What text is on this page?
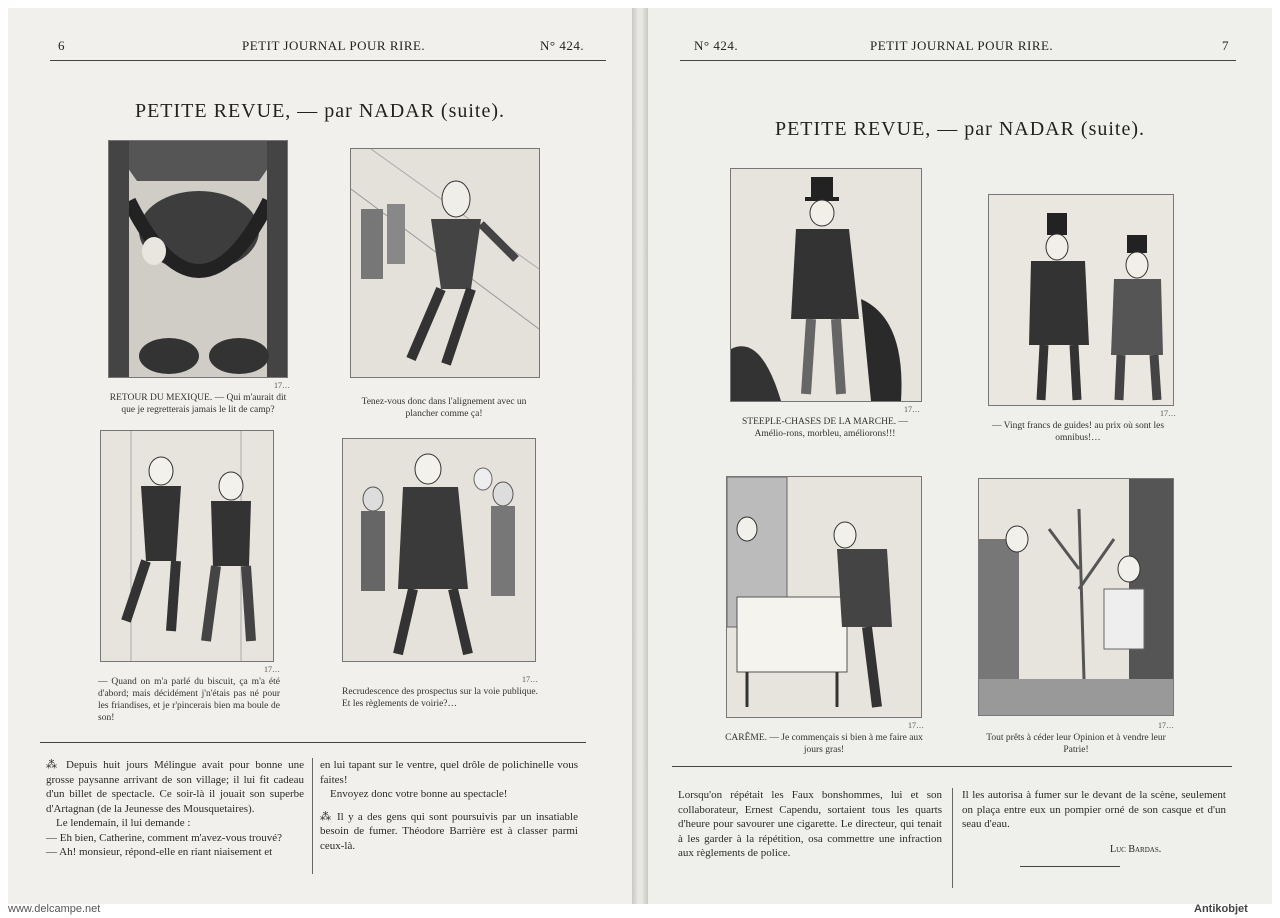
6	PETIT JOURNAL POUR RIRE.	N° 424.
PETITE REVUE, — par NADAR (suite).
17…
RETOUR DU MEXIQUE. — Qui m'aurait dit que je regretterais jamais le lit de camp?
Tenez-vous donc dans l'alignement avec un plancher comme ça!
17…
— Quand on m'a parlé du biscuit, ça m'a été d'abord; mais décidément j'n'étais pas né pour les friandises, et je r'pincerais bien ma boule de son!
17…
Recrudescence des prospectus sur la voie publique. Et les règlements de voirie?…

⁂ Depuis huit jours Mélingue avait pour bonne une grosse paysanne arrivant de son village; il lui fit cadeau d'un billet de spectacle. Ce soir-là il jouait son superbe d'Artagnan (de la Jeunesse des Mousquetaires).

Le lendemain, il lui demande :

— Eh bien, Catherine, comment m'avez-vous trouvé?

— Ah! monsieur, répond-elle en riant niaisement et

en lui tapant sur le ventre, quel drôle de polichinelle vous faites!

Envoyez donc votre bonne au spectacle!

⁂ Il y a des gens qui sont poursuivis par un insatiable besoin de fumer. Théodore Barrière est à classer parmi ceux-là.

N° 424.	PETIT JOURNAL POUR RIRE.	7
PETITE REVUE, — par NADAR (suite).
17…
STEEPLE-CHASES DE LA MARCHE. — Amélio-rons, morbleu, améliorons!!!
17…
— Vingt francs de guides! au prix où sont les omnibus!…
17…
CARÊME. — Je commençais si bien à me faire aux jours gras!
17…
Tout prêts à céder leur Opinion et à vendre leur Patrie!

Lorsqu'on répétait les Faux bonshommes, lui et son collaborateur, Ernest Capendu, sortaient tous les quarts d'heure pour savourer une cigarette. Le directeur, qui tenait à les garder à la répétition, osa commettre une infraction aux règlements de police.

Il les autorisa à fumer sur le devant de la scène, seulement on plaça entre eux un pompier orné de son casque et d'un seau d'eau.

Luc Bardas.
www.delcampe.net	Antikobjet
